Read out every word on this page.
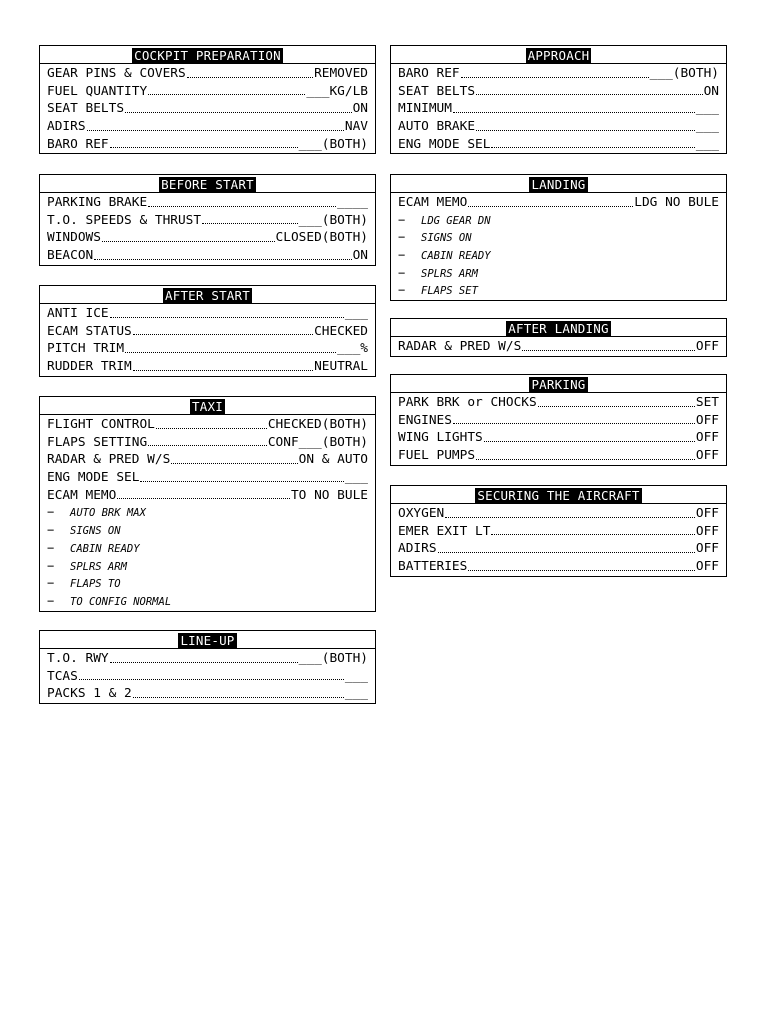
COCKPIT PREPARATION
GEAR PINS & COVERS	REMOVED
FUEL QUANTITY	___KG/LB
SEAT BELTS	ON
ADIRS	NAV
BARO REF	___(BOTH)
BEFORE START
PARKING BRAKE	____
T.O. SPEEDS & THRUST	___(BOTH)
WINDOWS	CLOSED(BOTH)
BEACON	ON
AFTER START
ANTI ICE	___
ECAM STATUS	CHECKED
PITCH TRIM	___%
RUDDER TRIM	NEUTRAL
TAXI
FLIGHT CONTROL	CHECKED(BOTH)
FLAPS SETTING	CONF___(BOTH)
RADAR & PRED W/S	ON & AUTO
ENG MODE SEL	___
ECAM MEMO	TO NO BULE
− AUTO BRK MAX
− SIGNS ON
− CABIN READY
− SPLRS ARM
− FLAPS TO
− TO CONFIG NORMAL
LINE-UP
T.O. RWY	___(BOTH)
TCAS	___
PACKS 1 & 2	___
APPROACH
BARO REF	___(BOTH)
SEAT BELTS	ON
MINIMUM	___
AUTO BRAKE	___
ENG MODE SEL	___
LANDING
ECAM MEMO	LDG NO BULE
− LDG GEAR DN
− SIGNS ON
− CABIN READY
− SPLRS ARM
− FLAPS SET
AFTER LANDING
RADAR & PRED W/S	OFF
PARKING
PARK BRK or CHOCKS	SET
ENGINES	OFF
WING LIGHTS	OFF
FUEL PUMPS	OFF
SECURING THE AIRCRAFT
OXYGEN	OFF
EMER EXIT LT	OFF
ADIRS	OFF
BATTERIES	OFF
